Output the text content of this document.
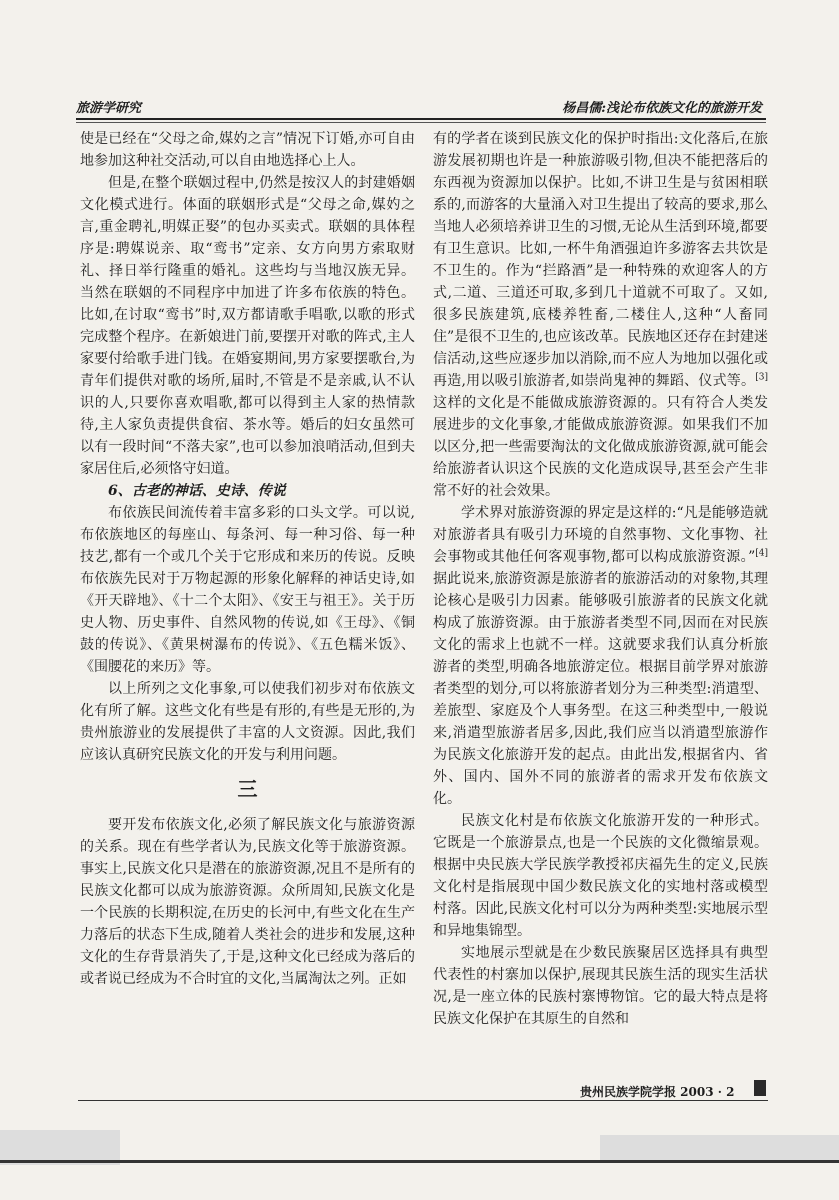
旅游学研究	杨昌儒:浅论布依族文化的旅游开发

使是已经在“父母之命,媒妁之言”情况下订婚,亦可自由地参加这种社交活动,可以自由地选择心上人。

但是,在整个联姻过程中,仍然是按汉人的封建婚姻文化模式进行。体面的联姻形式是“父母之命,媒妁之言,重金聘礼,明媒正娶”的包办买卖式。联姻的具体程序是:聘媒说亲、取“鸾书”定亲、女方向男方索取财礼、择日举行隆重的婚礼。这些均与当地汉族无异。当然在联姻的不同程序中加进了许多布依族的特色。比如,在讨取“鸾书”时,双方都请歌手唱歌,以歌的形式完成整个程序。在新娘进门前,要摆开对歌的阵式,主人家要付给歌手进门钱。在婚宴期间,男方家要摆歌台,为青年们提供对歌的场所,届时,不管是不是亲戚,认不认识的人,只要你喜欢唱歌,都可以得到主人家的热情款待,主人家负责提供食宿、茶水等。婚后的妇女虽然可以有一段时间“不落夫家”,也可以参加浪哨活动,但到夫家居住后,必须恪守妇道。

6、古老的神话、史诗、传说

布依族民间流传着丰富多彩的口头文学。可以说,布依族地区的每座山、每条河、每一种习俗、每一种技艺,都有一个或几个关于它形成和来历的传说。反映布依族先民对于万物起源的形象化解释的神话史诗,如《开天辟地》、《十二个太阳》、《安王与祖王》。关于历史人物、历史事件、自然风物的传说,如《王母》、《铜鼓的传说》、《黄果树瀑布的传说》、《五色糯米饭》、《围腰花的来历》等。

以上所列之文化事象,可以使我们初步对布依族文化有所了解。这些文化有些是有形的,有些是无形的,为贵州旅游业的发展提供了丰富的人文资源。因此,我们应该认真研究民族文化的开发与利用问题。

三

要开发布依族文化,必须了解民族文化与旅游资源的关系。现在有些学者认为,民族文化等于旅游资源。事实上,民族文化只是潜在的旅游资源,况且不是所有的民族文化都可以成为旅游资源。众所周知,民族文化是一个民族的长期积淀,在历史的长河中,有些文化在生产力落后的状态下生成,随着人类社会的进步和发展,这种文化的生存背景消失了,于是,这种文化已经成为落后的或者说已经成为不合时宜的文化,当属淘汰之列。正如

有的学者在谈到民族文化的保护时指出:文化落后,在旅游发展初期也许是一种旅游吸引物,但决不能把落后的东西视为资源加以保护。比如,不讲卫生是与贫困相联系的,而游客的大量涌入对卫生提出了较高的要求,那么当地人必须培养讲卫生的习惯,无论从生活到环境,都要有卫生意识。比如,一杯牛角酒强迫许多游客去共饮是不卫生的。作为“拦路酒”是一种特殊的欢迎客人的方式,二道、三道还可取,多到几十道就不可取了。又如,很多民族建筑,底楼养牲畜,二楼住人,这种“人畜同住”是很不卫生的,也应该改革。民族地区还存在封建迷信活动,这些应逐步加以消除,而不应人为地加以强化或再造,用以吸引旅游者,如崇尚鬼神的舞蹈、仪式等。[3]这样的文化是不能做成旅游资源的。只有符合人类发展进步的文化事象,才能做成旅游资源。如果我们不加以区分,把一些需要淘汰的文化做成旅游资源,就可能会给旅游者认识这个民族的文化造成误导,甚至会产生非常不好的社会效果。

学术界对旅游资源的界定是这样的:“凡是能够造就对旅游者具有吸引力环境的自然事物、文化事物、社会事物或其他任何客观事物,都可以构成旅游资源。”[4]据此说来,旅游资源是旅游者的旅游活动的对象物,其理论核心是吸引力因素。能够吸引旅游者的民族文化就构成了旅游资源。由于旅游者类型不同,因而在对民族文化的需求上也就不一样。这就要求我们认真分析旅游者的类型,明确各地旅游定位。根据目前学界对旅游者类型的划分,可以将旅游者划分为三种类型:消遣型、差旅型、家庭及个人事务型。在这三种类型中,一般说来,消遣型旅游者居多,因此,我们应当以消遣型旅游作为民族文化旅游开发的起点。由此出发,根据省内、省外、国内、国外不同的旅游者的需求开发布依族文化。

民族文化村是布依族文化旅游开发的一种形式。它既是一个旅游景点,也是一个民族的文化微缩景观。根据中央民族大学民族学教授祁庆福先生的定义,民族文化村是指展现中国少数民族文化的实地村落或模型村落。因此,民族文化村可以分为两种类型:实地展示型和异地集锦型。

实地展示型就是在少数民族聚居区选择具有典型代表性的村寨加以保护,展现其民族生活的现实生活状况,是一座立体的民族村寨博物馆。它的最大特点是将民族文化保护在其原生的自然和

贵州民族学院学报 2003 · 2
